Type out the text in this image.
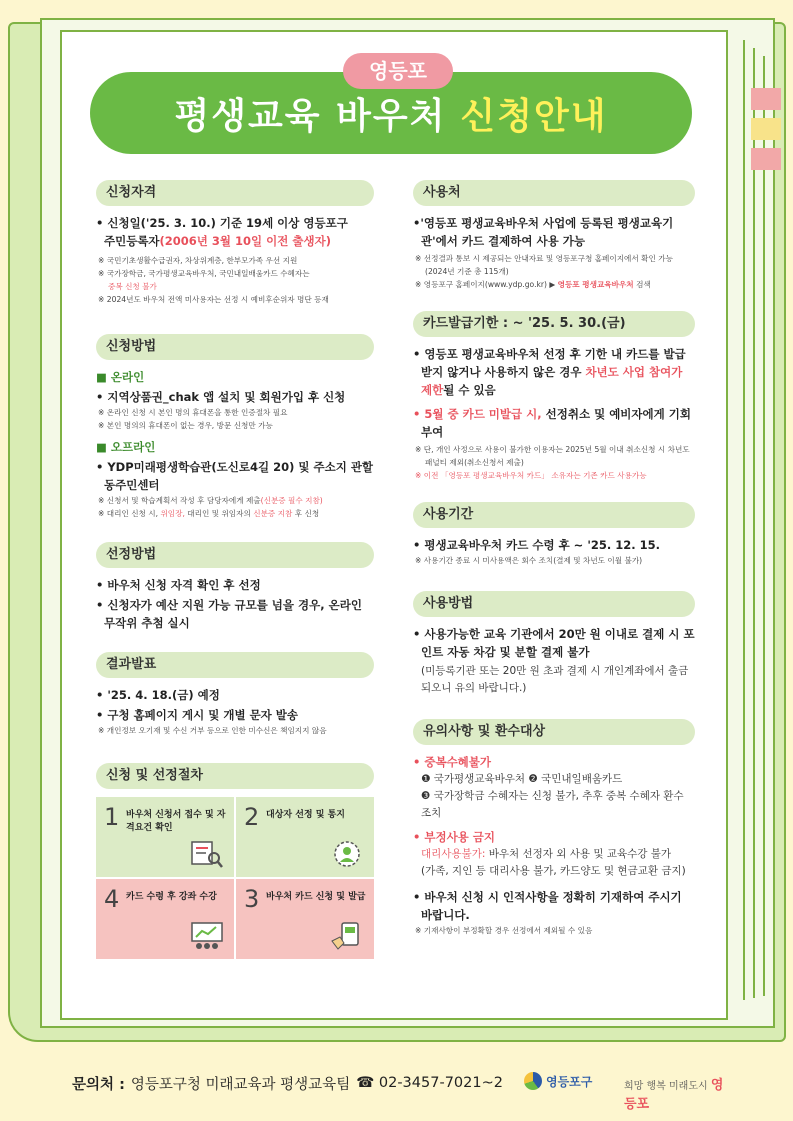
평생교육 바우처 신청안내
영등포
신청자격
• 신청일('25. 3. 10.) 기준 19세 이상 영등포구
주민등록자(2006년 3월 10일 이전 출생자)
※ 국민기초생활수급권자, 차상위계층, 한부모가족 우선 지원
※ 국가장학금, 국가평생교육바우처, 국민내일배움카드 수혜자는
중복 신청 불가
※ 2024년도 바우처 전액 미사용자는 선정 시 예비후순위자 명단 등재
신청방법
■ 온라인
• 지역상품권_chak 앱 설치 및 회원가입 후 신청
※ 온라인 신청 시 본인 명의 휴대폰을 통한 인증절차 필요
※ 본인 명의의 휴대폰이 없는 경우, 방문 신청만 가능
■ 오프라인
• YDP미래평생학습관(도신로4길 20) 및 주소지 관할 동주민센터
※ 신청서 및 학습계획서 작성 후 담당자에게 제출(신분증 필수 지참)
※ 대리인 신청 시, 위임장, 대리인 및 위임자의 신분증 지참 후 신청
선정방법
• 바우처 신청 자격 확인 후 선정
• 신청자가 예산 지원 가능 규모를 넘을 경우, 온라인 무작위 추첨 실시
결과발표
• '25. 4. 18.(금) 예정
• 구청 홈페이지 게시 및 개별 문자 발송
※ 개인정보 오기재 및 수신 거부 등으로 인한 미수신은 책임지지 않음
신청 및 선정절차
1 바우처 신청서 접수 및 자격요건 확인	2 대상자 선정 및 통지
4 카드 수령 후 강좌 수강	3 바우처 카드 신청 및 발급
사용처
•'영등포 평생교육바우처 사업에 등록된 평생교육기관'에서 카드 결제하여 사용 가능
※ 선정결과 통보 시 제공되는 안내자료 및 영등포구청 홈페이지에서 확인 가능(2024년 기준 총 115개)
※ 영등포구 홈페이지(www.ydp.go.kr) ▶ 영등포 평생교육바우처 검색
카드발급기한 : ~ '25. 5. 30.(금)
• 영등포 평생교육바우처 선정 후 기한 내 카드를 발급받지 않거나 사용하지 않은 경우 차년도 사업 참여가 제한될 수 있음
• 5월 중 카드 미발급 시, 선정취소 및 예비자에게 기회부여
※ 단, 개인 사정으로 사용이 불가한 이용자는 2025년 5월 이내 취소신청 시 차년도 패널티 제외(취소신청서 제출)
※ 이전 「영등포 평생교육바우처 카드」 소유자는 기존 카드 사용가능
사용기간
• 평생교육바우처 카드 수령 후 ~ '25. 12. 15.
※ 사용기간 종료 시 미사용액은 회수 조치(결제 및 차년도 이월 불가)
사용방법
• 사용가능한 교육 기관에서 20만 원 이내로 결제 시 포인트 자동 차감 및 분할 결제 불가
(미등록기관 또는 20만 원 초과 결제 시 개인계좌에서 출금되오니 유의 바랍니다.)
유의사항 및 환수대상
• 중복수혜불가
❶ 국가평생교육바우처 ❷ 국민내일배움카드
❸ 국가장학금 수혜자는 신청 불가, 추후 중복 수혜자 환수 조치
• 부정사용 금지
대리사용불가: 바우처 선정자 외 사용 및 교육수강 불가
(가족, 지인 등 대리사용 불가, 카드양도 및 현금교환 금지)
• 바우처 신청 시 인적사항을 정확히 기재하여 주시기 바랍니다.
※ 기재사항이 부정확할 경우 선정에서 제외될 수 있음
문의처 : 영등포구청 미래교육과 평생교육팀 ☎ 02-3457-7021~2	영등포구	희망 행복 미래도시 영등포
